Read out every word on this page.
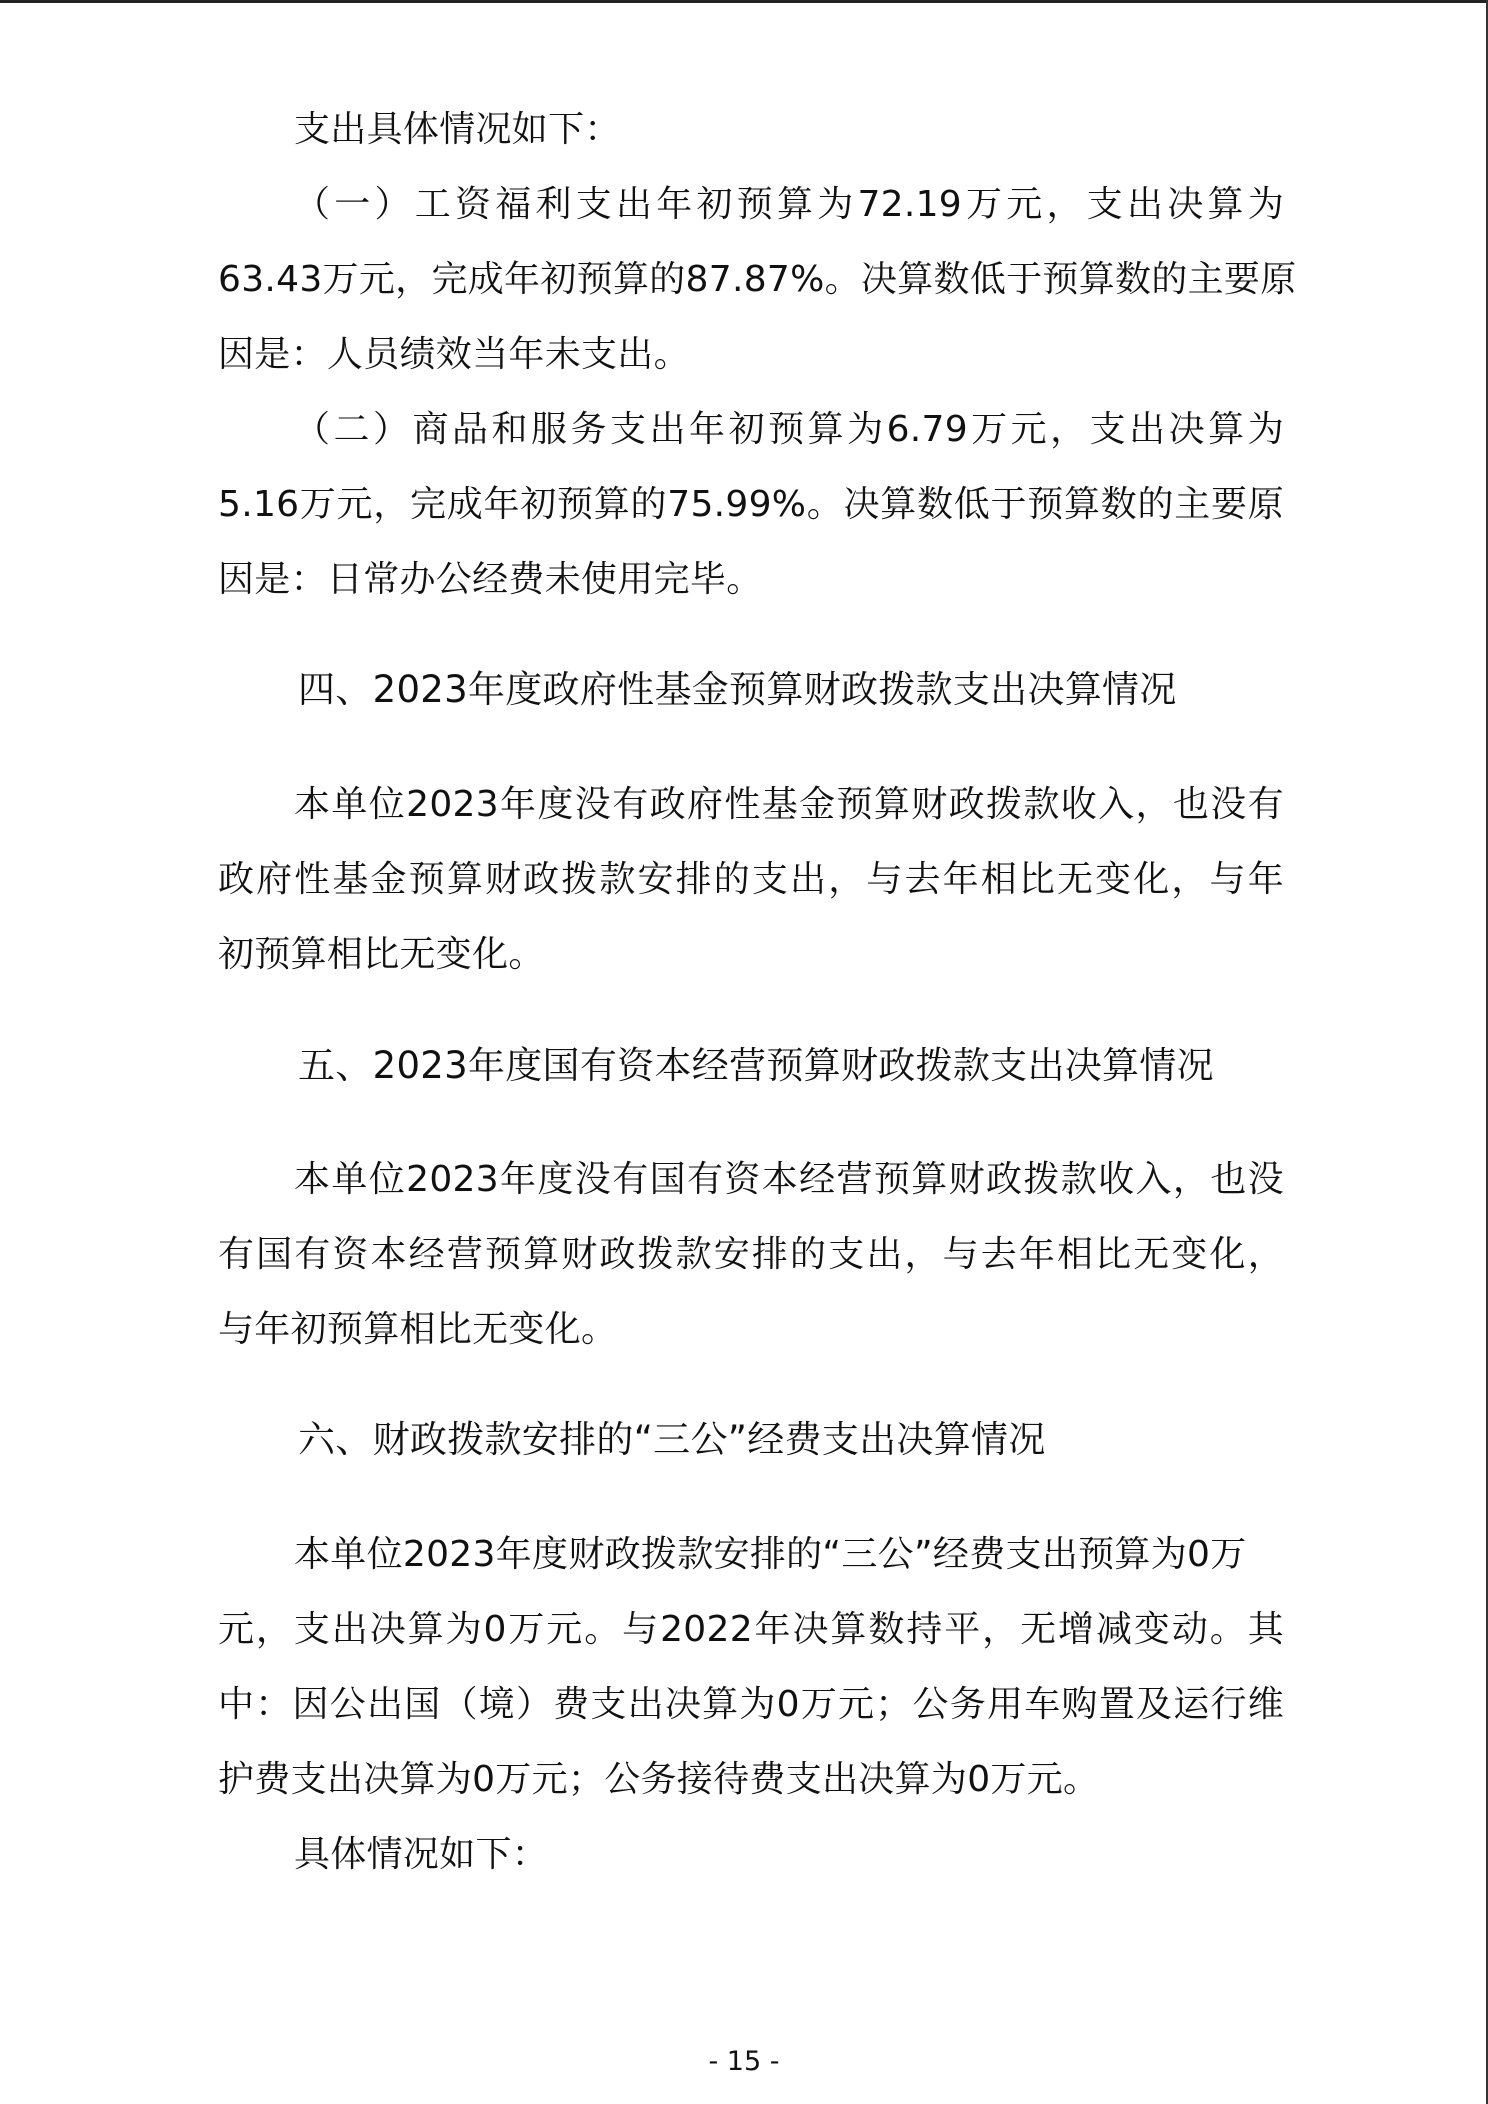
支出具体情况如下：
（一）工资福利支出年初预算为72.19万元，支出决算为
63.43万元，完成年初预算的87.87%。决算数低于预算数的主要原
因是：人员绩效当年未支出。
（二）商品和服务支出年初预算为6.79万元，支出决算为
5.16万元，完成年初预算的75.99%。决算数低于预算数的主要原
因是：日常办公经费未使用完毕。
四、2023年度政府性基金预算财政拨款支出决算情况
本单位2023年度没有政府性基金预算财政拨款收入，也没有
政府性基金预算财政拨款安排的支出，与去年相比无变化，与年
初预算相比无变化。
五、2023年度国有资本经营预算财政拨款支出决算情况
本单位2023年度没有国有资本经营预算财政拨款收入，也没
有国有资本经营预算财政拨款安排的支出，与去年相比无变化，
与年初预算相比无变化。
六、财政拨款安排的“三公”经费支出决算情况
本单位2023年度财政拨款安排的“三公”经费支出预算为0万
元，支出决算为0万元。与2022年决算数持平，无增减变动。其
中：因公出国（境）费支出决算为0万元；公务用车购置及运行维
护费支出决算为0万元；公务接待费支出决算为0万元。
具体情况如下：
- 15 -
